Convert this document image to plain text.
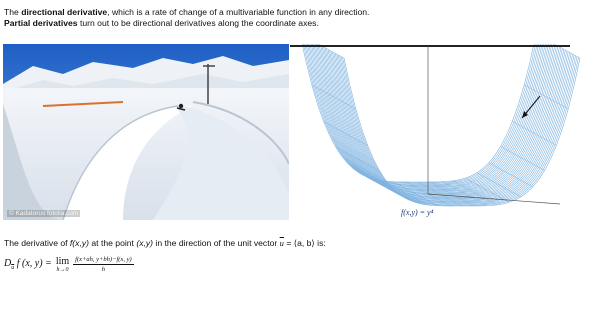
The directional derivative, which is a rate of change of a multivariable function in any direction.
Partial derivatives turn out to be directional derivatives along the coordinate axes.
© Kadatorus fotolia.com	f(x,y) = y⁴
The derivative of f(x,y) at the point (x,y) in the direction of the unit vector $\overline{u}$ = ⟨a, b⟩ is:
$D_{\overline{u}}$ f (x, y) = lim
$h\to 0 \frac{f(x+ah, y+bh)-f(x, y)}{h}$
